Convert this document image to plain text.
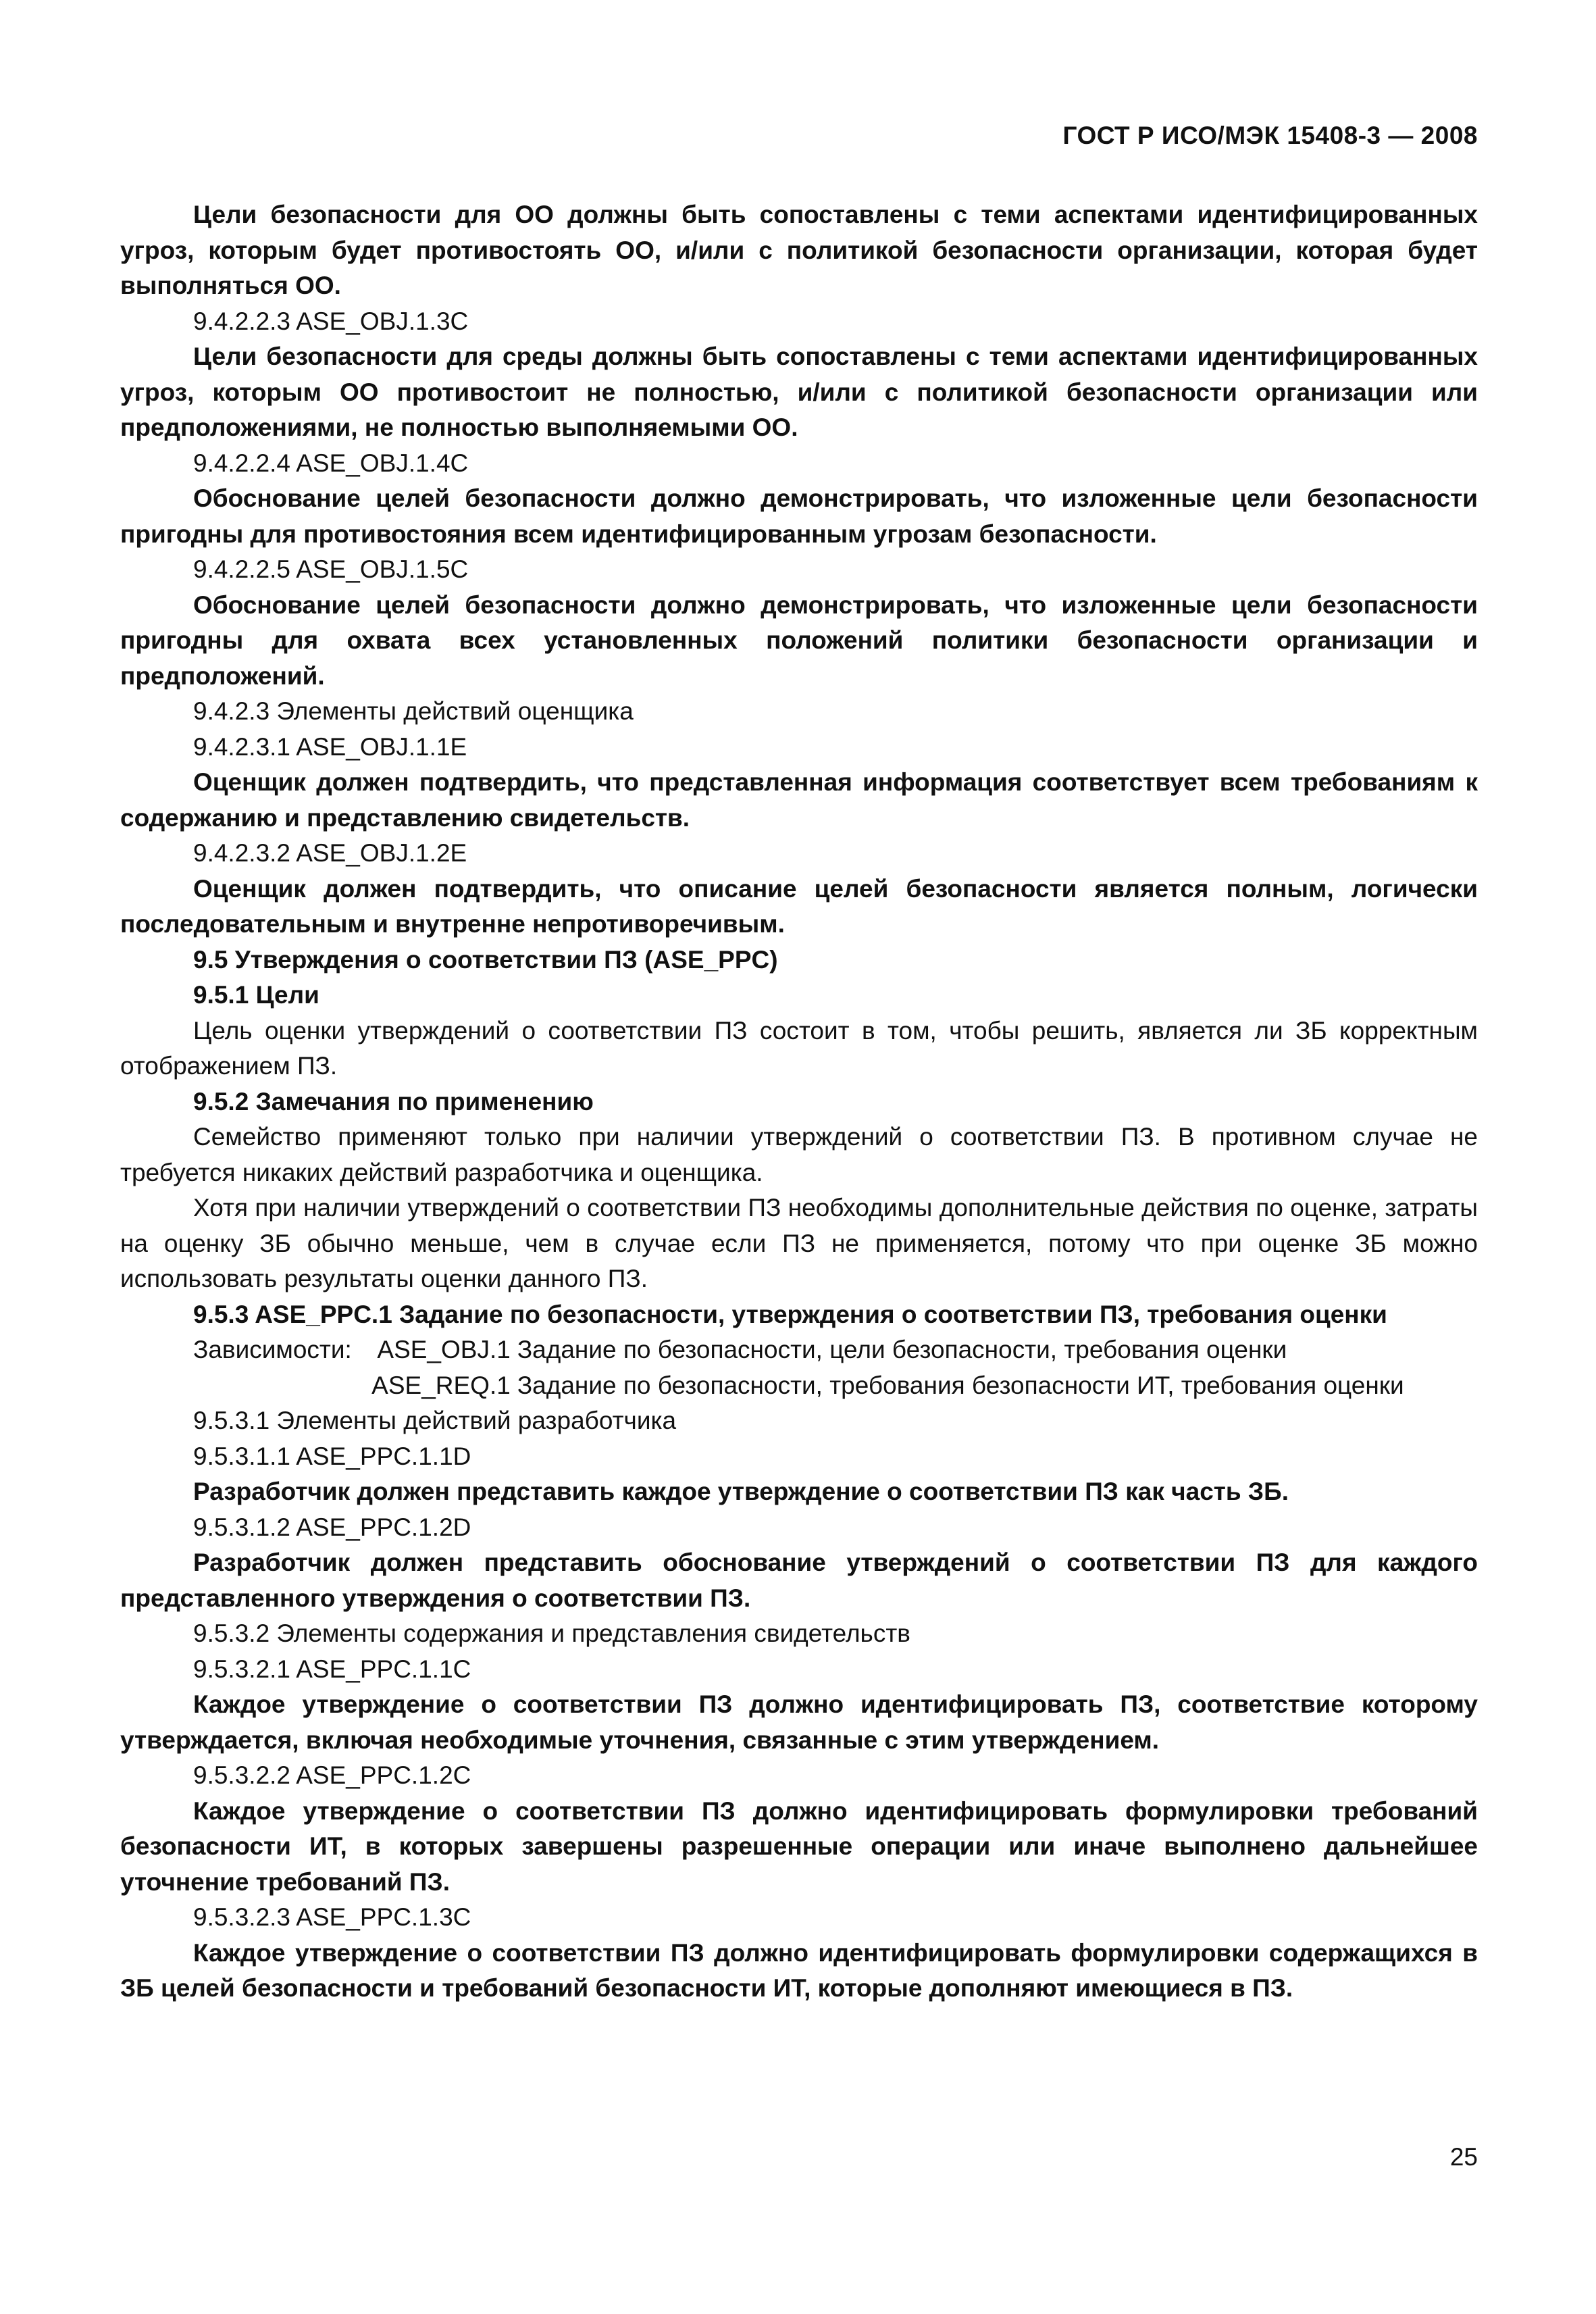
ГОСТ Р ИСО/МЭК 15408-3 — 2008

Цели безопасности для ОО должны быть сопоставлены с теми аспектами идентифицированных угроз, которым будет противостоять ОО, и/или с политикой безопасности организации, которая будет выполняться ОО.

9.4.2.2.3 ASE_OBJ.1.3C

Цели безопасности для среды должны быть сопоставлены с теми аспектами идентифицированных угроз, которым ОО противостоит не полностью, и/или с политикой безопасности организации или предположениями, не полностью выполняемыми ОО.

9.4.2.2.4 ASE_OBJ.1.4C

Обоснование целей безопасности должно демонстрировать, что изложенные цели безопасности пригодны для противостояния всем идентифицированным угрозам безопасности.

9.4.2.2.5 ASE_OBJ.1.5C

Обоснование целей безопасности должно демонстрировать, что изложенные цели безопасности пригодны для охвата всех установленных положений политики безопасности организации и предположений.

9.4.2.3 Элементы действий оценщика

9.4.2.3.1 ASE_OBJ.1.1E

Оценщик должен подтвердить, что представленная информация соответствует всем требованиям к содержанию и представлению свидетельств.

9.4.2.3.2 ASE_OBJ.1.2E

Оценщик должен подтвердить, что описание целей безопасности является полным, логически последовательным и внутренне непротиворечивым.

9.5 Утверждения о соответствии ПЗ (ASE_PPC)

9.5.1 Цели

Цель оценки утверждений о соответствии ПЗ состоит в том, чтобы решить, является ли ЗБ корректным отображением ПЗ.

9.5.2 Замечания по применению

Семейство применяют только при наличии утверждений о соответствии ПЗ. В противном случае не требуется никаких действий разработчика и оценщика.

Хотя при наличии утверждений о соответствии ПЗ необходимы дополнительные действия по оценке, затраты на оценку ЗБ обычно меньше, чем в случае если ПЗ не применяется, потому что при оценке ЗБ можно использовать результаты оценки данного ПЗ.

9.5.3 ASE_PPC.1 Задание по безопасности, утверждения о соответствии ПЗ, требования оценки

Зависимости:	ASE_OBJ.1 Задание по безопасности, цели безопасности, требования оценки
ASE_REQ.1 Задание по безопасности, требования безопасности ИТ, требования оценки

9.5.3.1 Элементы действий разработчика

9.5.3.1.1 ASE_PPC.1.1D

Разработчик должен представить каждое утверждение о соответствии ПЗ как часть ЗБ.

9.5.3.1.2 ASE_PPC.1.2D

Разработчик должен представить обоснование утверждений о соответствии ПЗ для каждого представленного утверждения о соответствии ПЗ.

9.5.3.2 Элементы содержания и представления свидетельств

9.5.3.2.1 ASE_PPC.1.1C

Каждое утверждение о соответствии ПЗ должно идентифицировать ПЗ, соответствие которому утверждается, включая необходимые уточнения, связанные с этим утверждением.

9.5.3.2.2 ASE_PPC.1.2C

Каждое утверждение о соответствии ПЗ должно идентифицировать формулировки требований безопасности ИТ, в которых завершены разрешенные операции или иначе выполнено дальнейшее уточнение требований ПЗ.

9.5.3.2.3 ASE_PPC.1.3C

Каждое утверждение о соответствии ПЗ должно идентифицировать формулировки содержащихся в ЗБ целей безопасности и требований безопасности ИТ, которые дополняют имеющиеся в ПЗ.

25
